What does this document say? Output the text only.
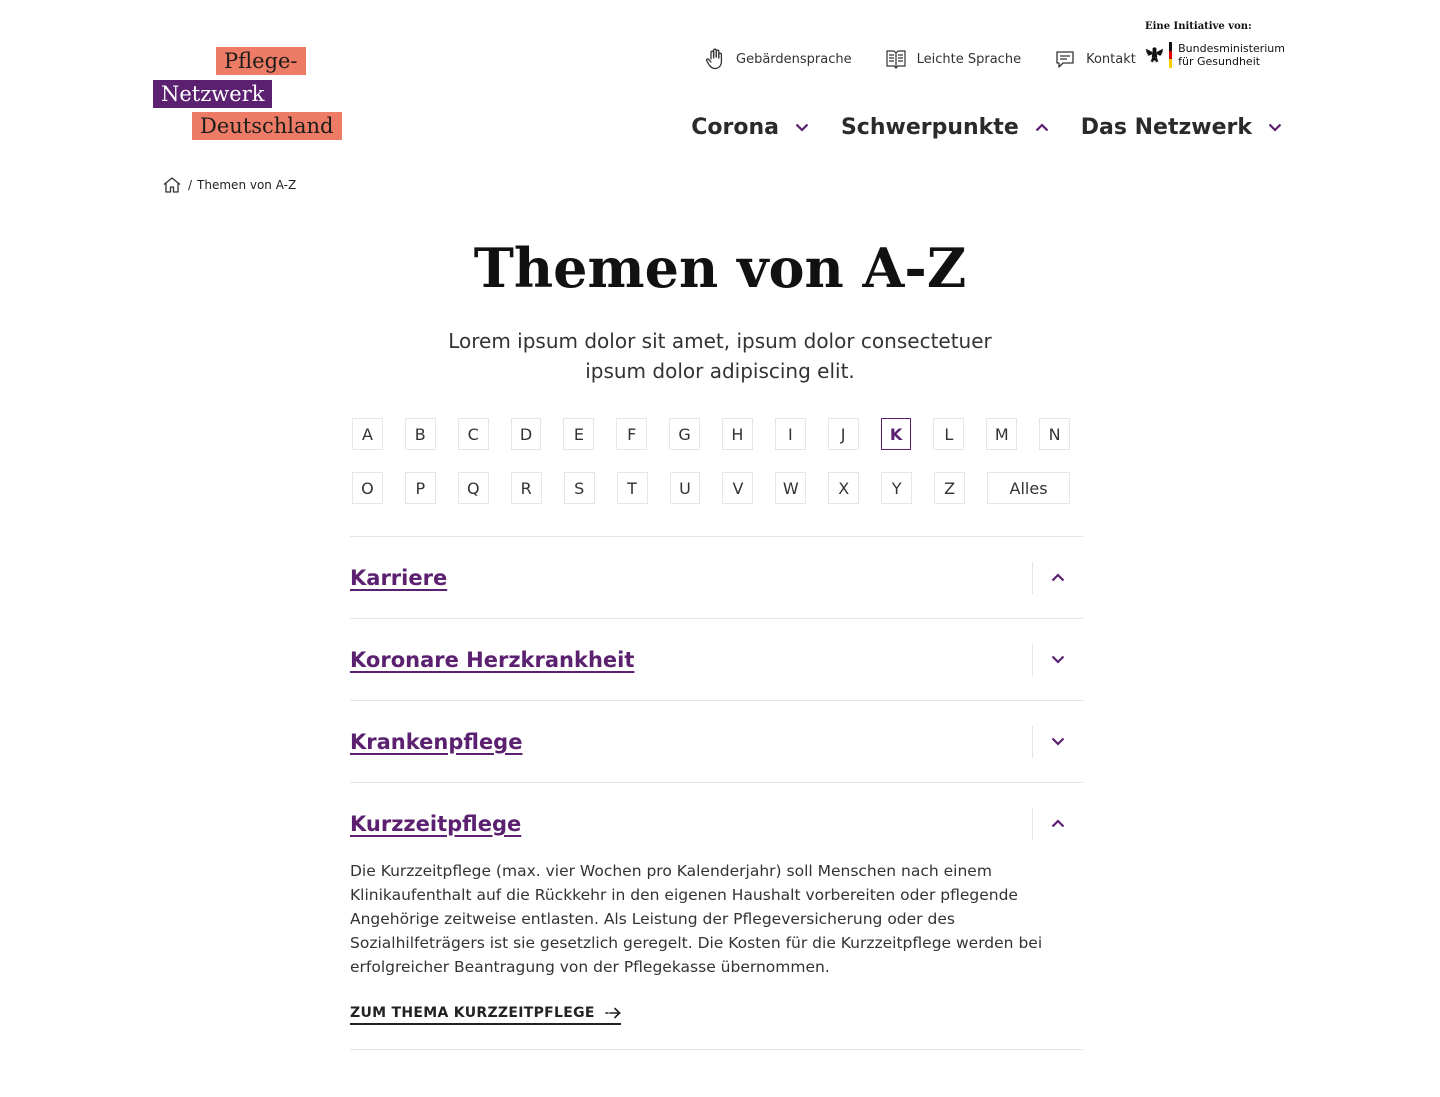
Pflege-
Netzwerk
Deutschland
Gebärdensprache	Leichte Sprache	Kontakt
Eine Initiative von:
Bundesministerium
für Gesundheit
Corona	Schwerpunkte	Das Netzwerk
/ Themen von A-Z
Themen von A-Z

Lorem ipsum dolor sit amet, ipsum dolor consectetuer ipsum dolor adipiscing elit.

A	B	C	D	E	F	G	H	I	J	K	L	M	N
O	P	Q	R	S	T	U	V	W	X	Y	Z	Alles
Karriere
Koronare Herzkrankheit
Krankenpflege
Kurzzeitpflege

Die Kurzzeitpflege (max. vier Wochen pro Kalenderjahr) soll Menschen nach einem Klinikaufenthalt auf die Rückkehr in den eigenen Haushalt vorbereiten oder pflegende Angehörige zeitweise entlasten. Als Leistung der Pflegeversicherung oder des Sozialhilfeträgers ist sie gesetzlich geregelt. Die Kosten für die Kurzzeitpflege werden bei erfolgreicher Beantragung von der Pflegekasse übernommen.

ZUM THEMA KURZZEITPFLEGE
